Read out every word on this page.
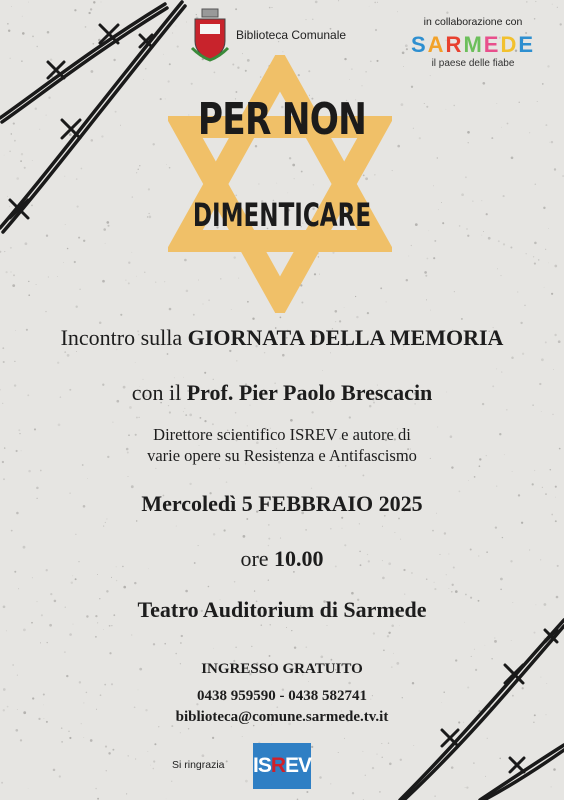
Biblioteca Comunale
in collaborazione con
SARMEDE
il paese delle fiabe
PER NON
DIMENTICARE
Incontro sulla GIORNATA DELLA MEMORIA
con il Prof. Pier Paolo Brescacin
Direttore scientifico ISREV e autore di
varie opere su Resistenza e Antifascismo
Mercoledì 5 FEBBRAIO 2025
ore 10.00
Teatro Auditorium di Sarmede
INGRESSO GRATUITO
0438 959590 - 0438 582741
biblioteca@comune.sarmede.tv.it
Si ringrazia ISREV
